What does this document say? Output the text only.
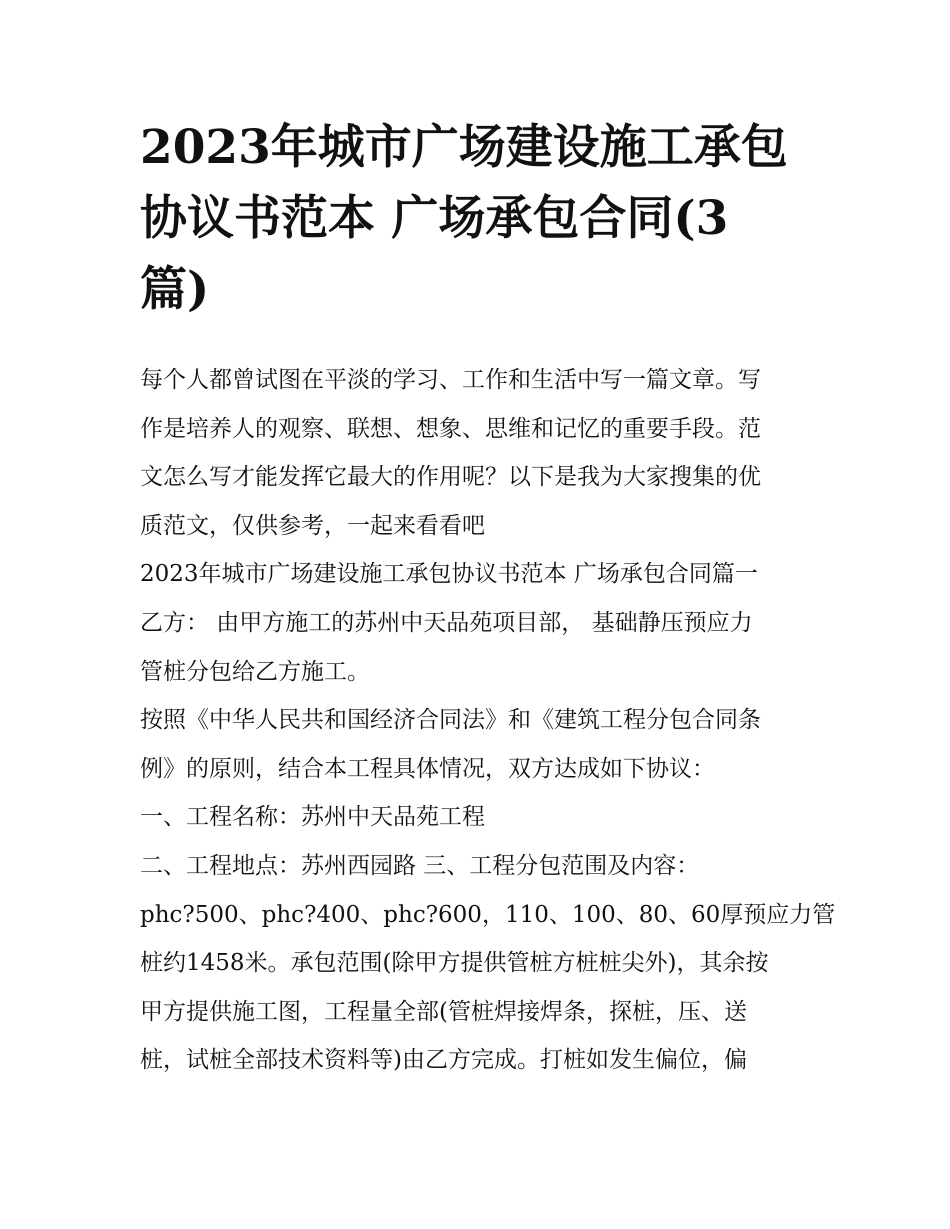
2023年城市广场建设施工承包
协议书范本 广场承包合同(3
篇)
每个人都曾试图在平淡的学习、工作和生活中写一篇文章。写
作是培养人的观察、联想、想象、思维和记忆的重要手段。范
文怎么写才能发挥它最大的作用呢？以下是我为大家搜集的优
质范文，仅供参考，一起来看看吧
2023年城市广场建设施工承包协议书范本 广场承包合同篇一
乙方： 由甲方施工的苏州中天品苑项目部， 基础静压预应力
管桩分包给乙方施工。
按照《中华人民共和国经济合同法》和《建筑工程分包合同条
例》的原则，结合本工程具体情况，双方达成如下协议：
一、工程名称：苏州中天品苑工程
二、工程地点：苏州西园路 三、工程分包范围及内容：
phc?500、phc?400、phc?600，110、100、80、60厚预应力管
桩约1458米。承包范围(除甲方提供管桩方桩桩尖外)，其余按
甲方提供施工图，工程量全部(管桩焊接焊条，探桩，压、送
桩，试桩全部技术资料等)由乙方完成。打桩如发生偏位，偏
